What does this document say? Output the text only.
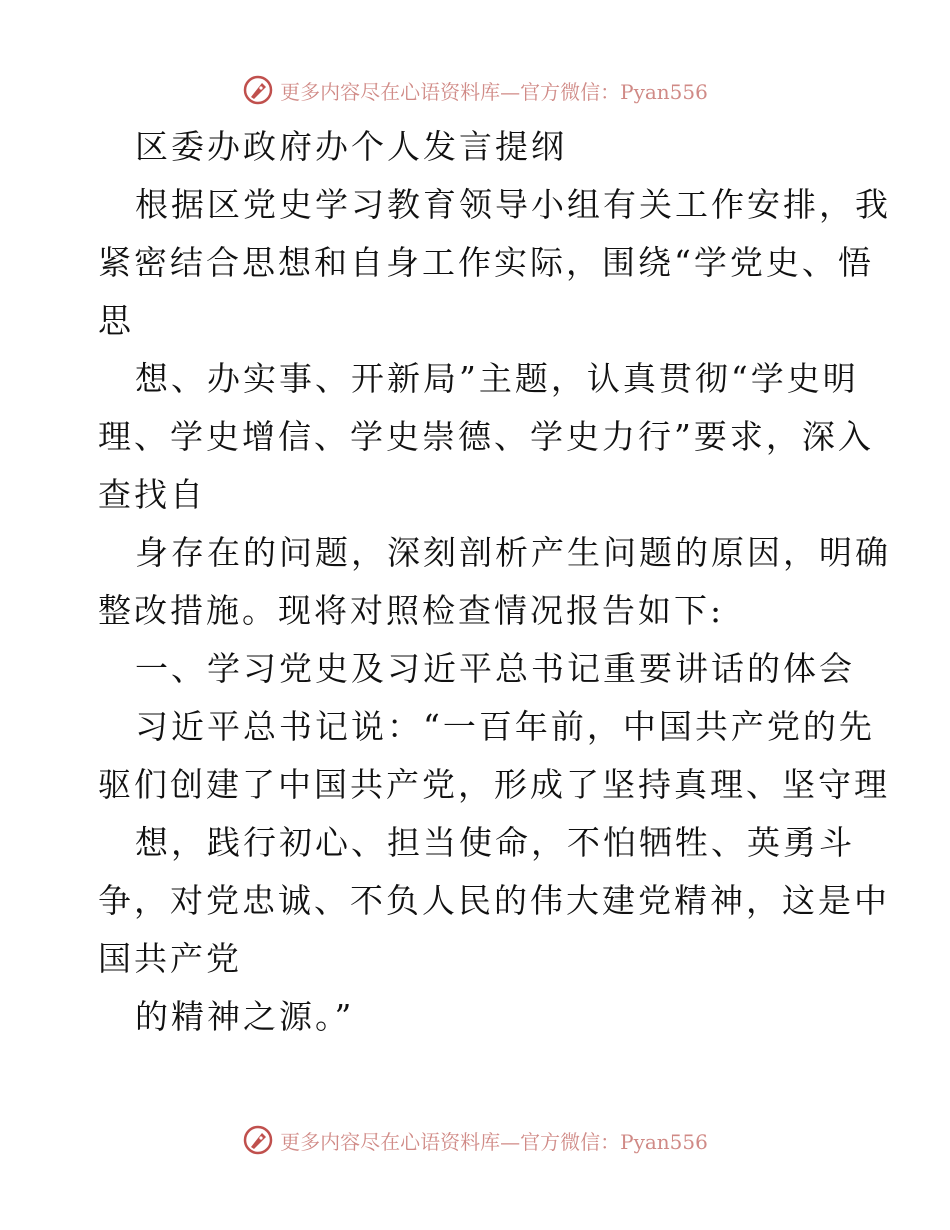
更多内容尽在心语资料库—官方微信：Pyan556
区委办政府办个人发言提纲
根据区党史学习教育领导小组有关工作安排，我
紧密结合思想和自身工作实际，围绕“学党史、悟
思
想、办实事、开新局”主题，认真贯彻“学史明
理、学史增信、学史崇德、学史力行”要求，深入
查找自
身存在的问题，深刻剖析产生问题的原因，明确
整改措施。现将对照检查情况报告如下:
一、学习党史及习近平总书记重要讲话的体会
习近平总书记说：“一百年前，中国共产党的先
驱们创建了中国共产党，形成了坚持真理、坚守理
想，践行初心、担当使命，不怕牺牲、英勇斗
争，对党忠诚、不负人民的伟大建党精神，这是中
国共产党
的精神之源。”
更多内容尽在心语资料库—官方微信：Pyan556
